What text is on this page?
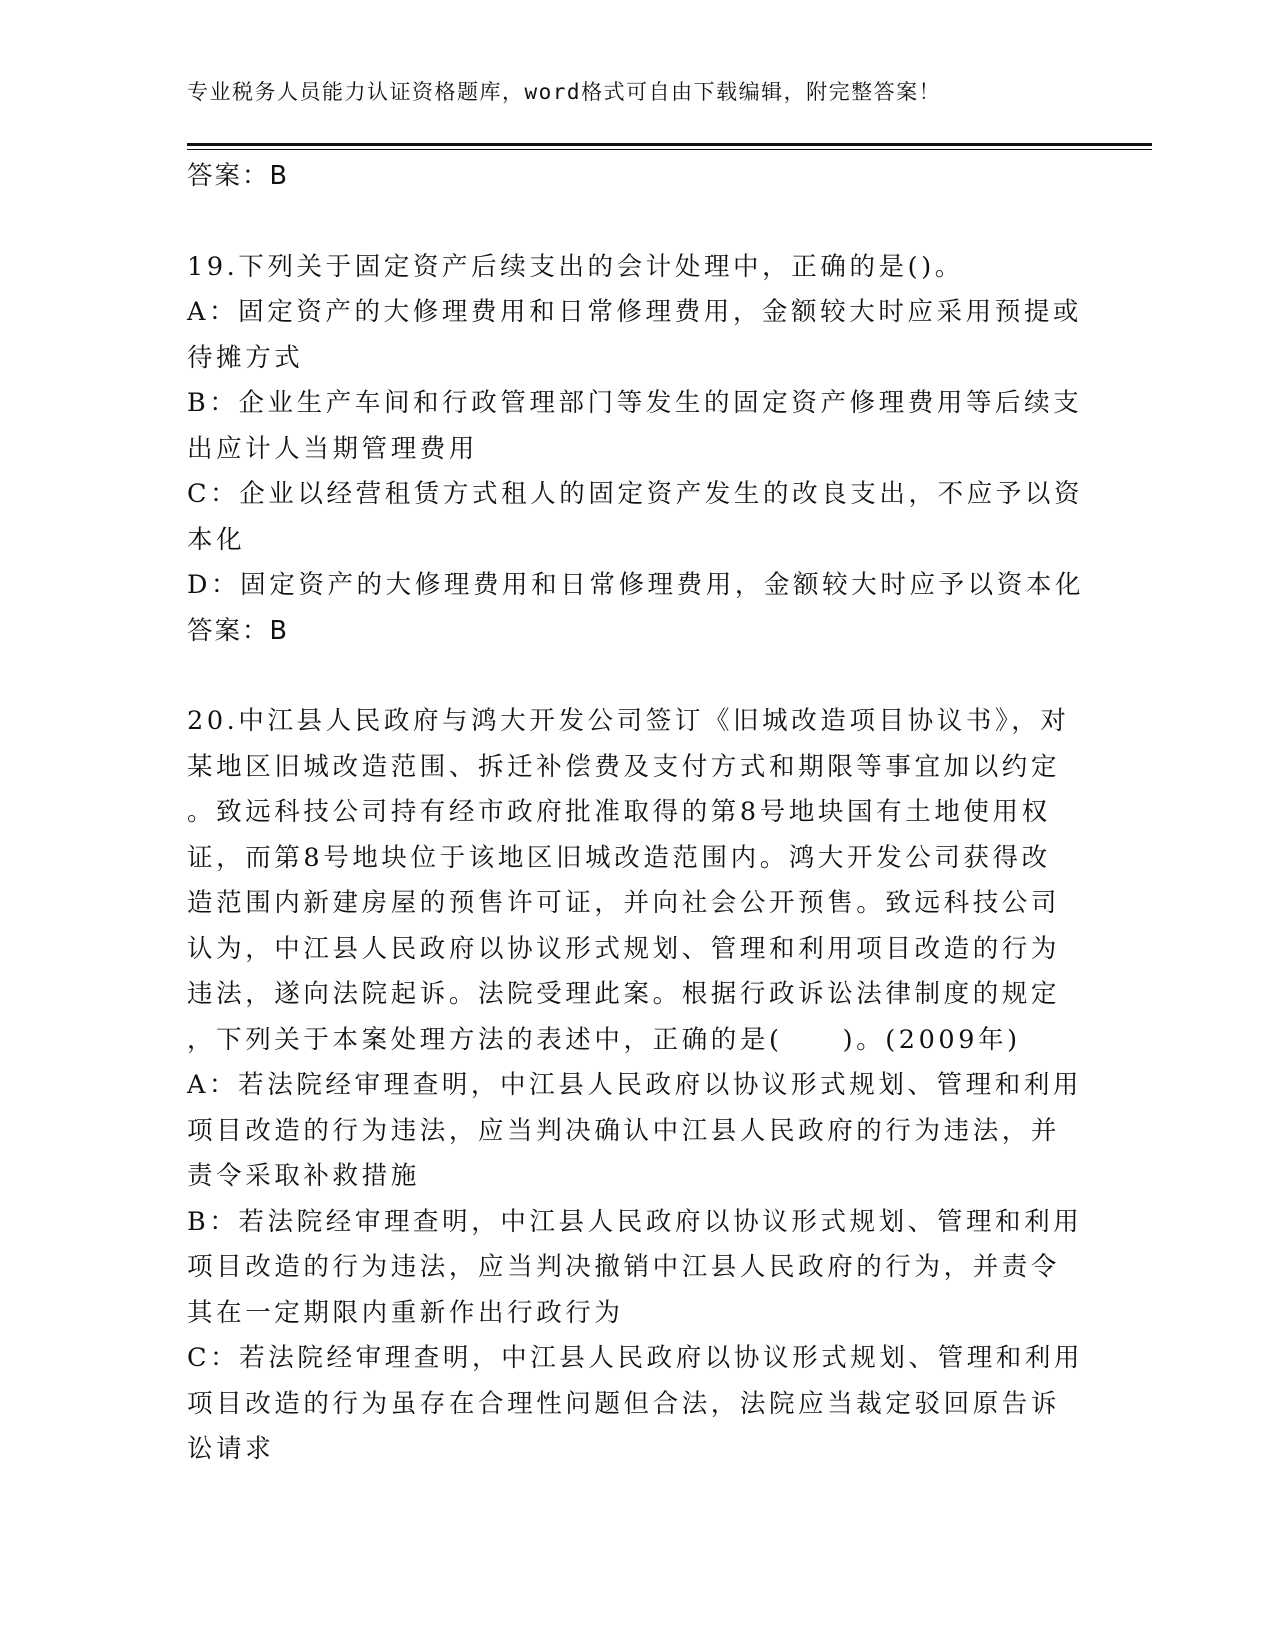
专业税务人员能力认证资格题库，word格式可自由下载编辑，附完整答案！
答案：B
19.下列关于固定资产后续支出的会计处理中，正确的是()。
A：固定资产的大修理费用和日常修理费用，金额较大时应采用预提或
待摊方式
B：企业生产车间和行政管理部门等发生的固定资产修理费用等后续支
出应计人当期管理费用
C：企业以经营租赁方式租人的固定资产发生的改良支出，不应予以资
本化
D：固定资产的大修理费用和日常修理费用，金额较大时应予以资本化
答案：B
20.中江县人民政府与鸿大开发公司签订《旧城改造项目协议书》，对
某地区旧城改造范围、拆迁补偿费及支付方式和期限等事宜加以约定
。致远科技公司持有经市政府批准取得的第8号地块国有土地使用权
证，而第8号地块位于该地区旧城改造范围内。鸿大开发公司获得改
造范围内新建房屋的预售许可证，并向社会公开预售。致远科技公司
认为，中江县人民政府以协议形式规划、管理和利用项目改造的行为
违法，遂向法院起诉。法院受理此案。根据行政诉讼法律制度的规定
，下列关于本案处理方法的表述中，正确的是( )。(2009年)
A：若法院经审理查明，中江县人民政府以协议形式规划、管理和利用
项目改造的行为违法，应当判决确认中江县人民政府的行为违法，并
责令采取补救措施
B：若法院经审理查明，中江县人民政府以协议形式规划、管理和利用
项目改造的行为违法，应当判决撤销中江县人民政府的行为，并责令
其在一定期限内重新作出行政行为
C：若法院经审理查明，中江县人民政府以协议形式规划、管理和利用
项目改造的行为虽存在合理性问题但合法，法院应当裁定驳回原告诉
讼请求
